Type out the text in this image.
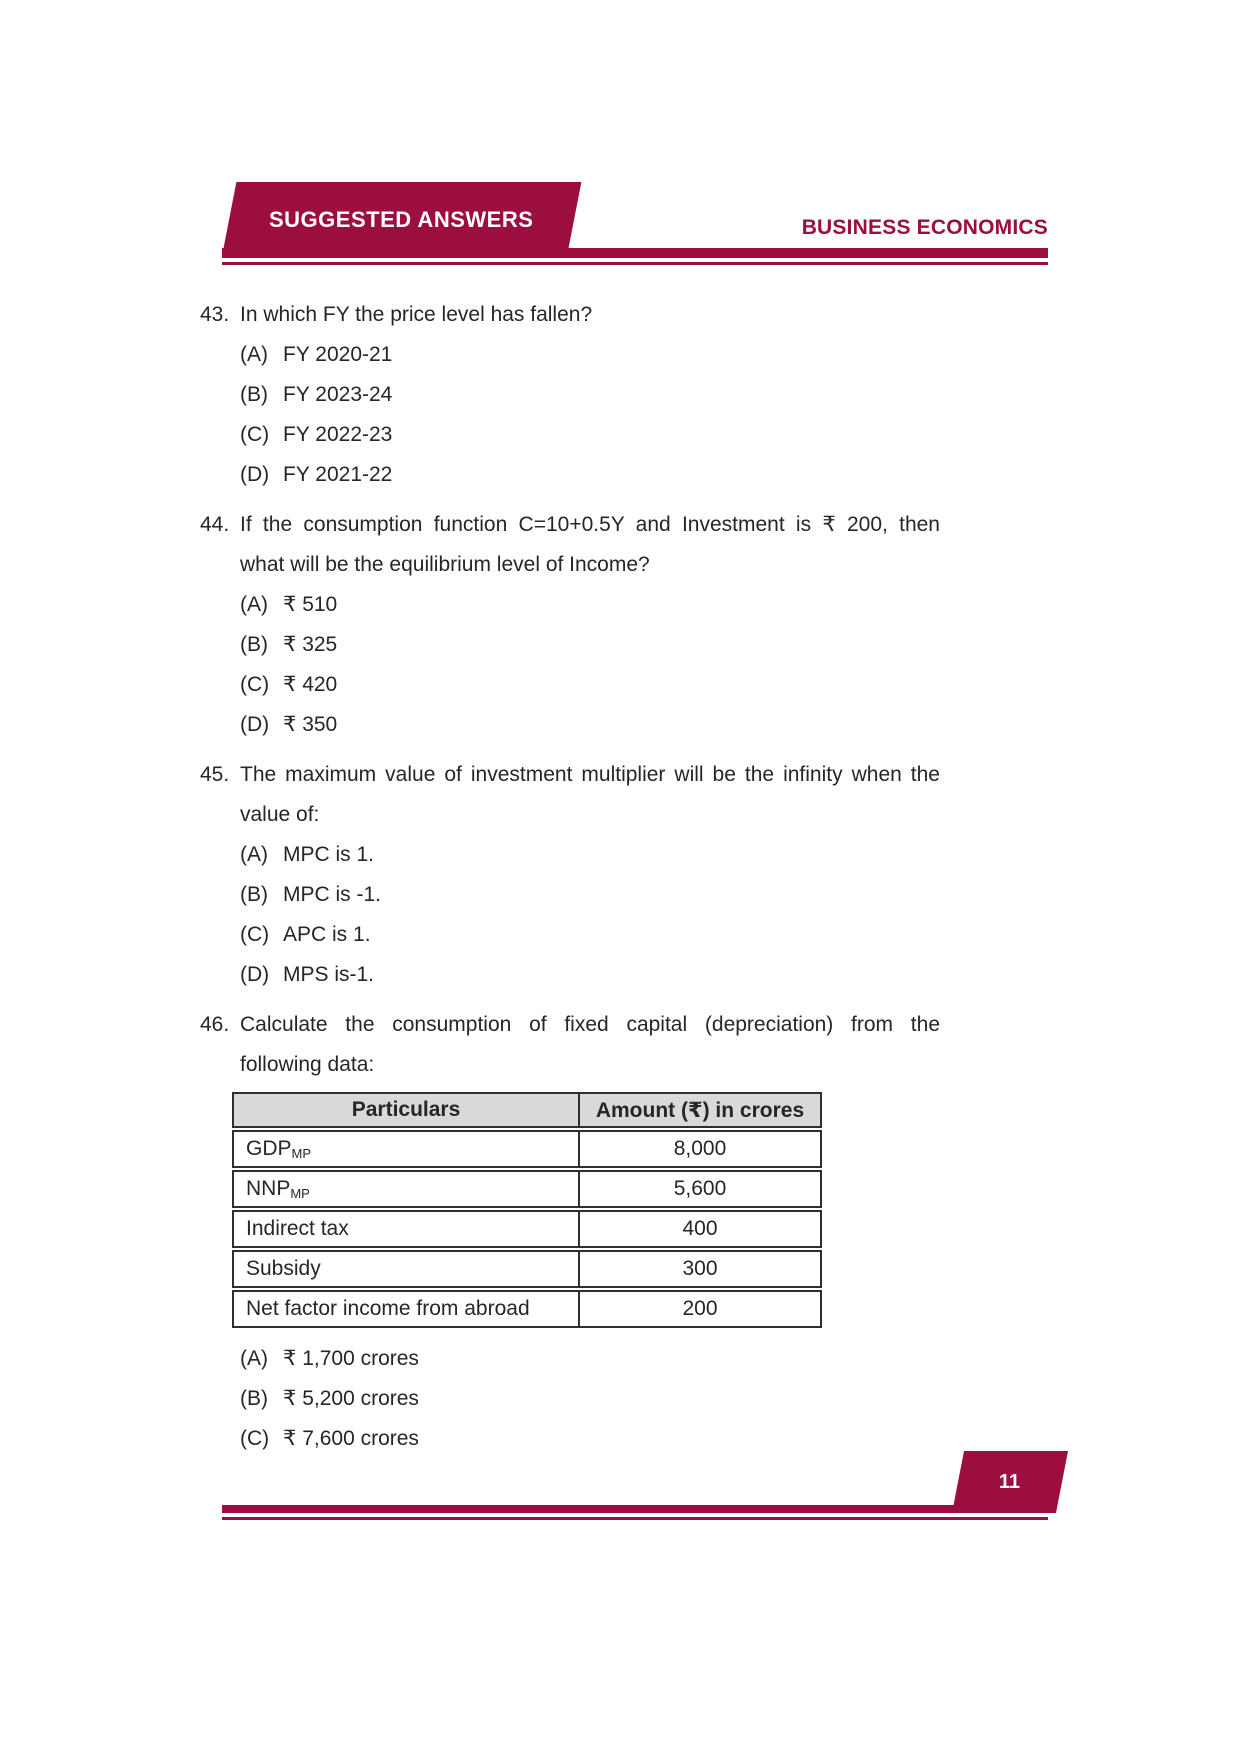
SUGGESTED ANSWERS	BUSINESS ECONOMICS
43. In which FY the price level has fallen?
(A) FY 2020-21
(B) FY 2023-24
(C) FY 2022-23
(D) FY 2021-22
44. If the consumption function C=10+0.5Y and Investment is ₹ 200, then
what will be the equilibrium level of Income?
(A) ₹ 510
(B) ₹ 325
(C) ₹ 420
(D) ₹ 350
45. The maximum value of investment multiplier will be the infinity when the
value of:
(A) MPC is 1.
(B) MPC is -1.
(C) APC is 1.
(D) MPS is-1.
46. Calculate the consumption of fixed capital (depreciation) from the
following data:
Particulars	Amount (₹) in crores
GDP MP	8,000
NNP MP	5,600
Indirect tax	400
Subsidy	300
Net factor income from abroad	200
(A) ₹ 1,700 crores
(B) ₹ 5,200 crores
(C) ₹ 7,600 crores
11
